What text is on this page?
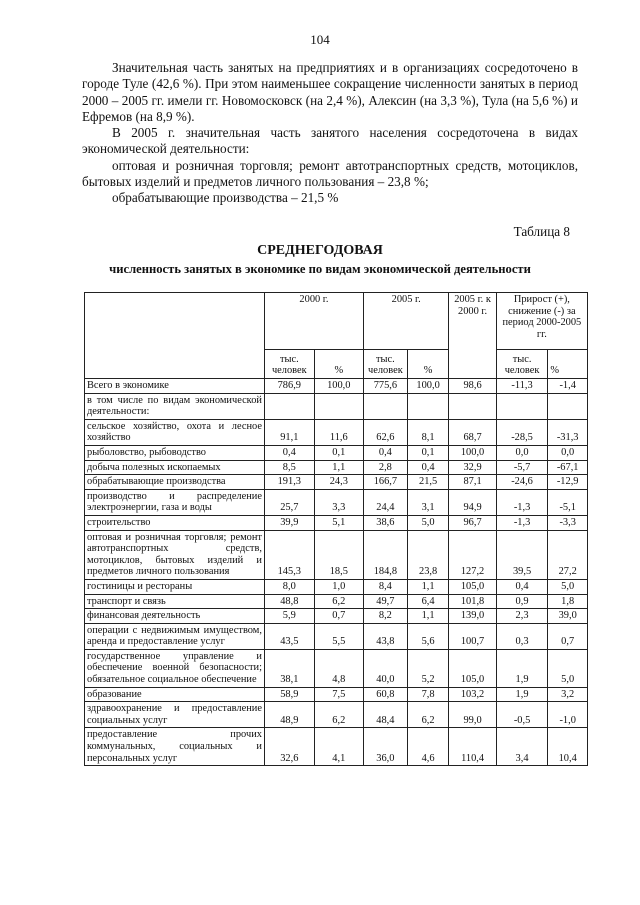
104

Значительная часть занятых на предприятиях и в организациях сосредоточено в городе Туле (42,6 %). При этом наименьшее сокращение численности занятых в период 2000 – 2005 гг. имели гг. Новомосковск (на 2,4 %), Алексин (на 3,3 %), Тула (на 5,6 %) и Ефремов (на 8,9 %).

В 2005 г. значительная часть занятого населения сосредоточена в видах экономической деятельности:

оптовая и розничная торговля; ремонт автотранспортных средств, мотоциклов, бытовых изделий и предметов личного пользования – 23,8 %;

обрабатывающие производства – 21,5 %

Таблица 8
СРЕДНЕГОДОВАЯ
численность занятых в экономике по видам экономической деятельности
	2000 г.		2005 г.		2005 г. к 2000 г.	Прирост (+), снижение (-) за период 2000-2005 гг.	
	тыс. человек	%	тыс. человек	%		тыс. человек	%
Всего в экономике	786,9	100,0	775,6	100,0	98,6	-11,3	-1,4
в том числе по видам экономической деятельности:							
сельское хозяйство, охота и лесное хозяйство	91,1	11,6	62,6	8,1	68,7	-28,5	-31,3
рыболовство, рыбоводство	0,4	0,1	0,4	0,1	100,0	0,0	0,0
добыча полезных ископаемых	8,5	1,1	2,8	0,4	32,9	-5,7	-67,1
обрабатывающие производства	191,3	24,3	166,7	21,5	87,1	-24,6	-12,9
производство и распределение электроэнергии, газа и воды	25,7	3,3	24,4	3,1	94,9	-1,3	-5,1
строительство	39,9	5,1	38,6	5,0	96,7	-1,3	-3,3
оптовая и розничная торговля; ремонт автотранспортных средств, мотоциклов, бытовых изделий и предметов личного пользования	145,3	18,5	184,8	23,8	127,2	39,5	27,2
гостиницы и рестораны	8,0	1,0	8,4	1,1	105,0	0,4	5,0
транспорт и связь	48,8	6,2	49,7	6,4	101,8	0,9	1,8
финансовая деятельность	5,9	0,7	8,2	1,1	139,0	2,3	39,0
операции с недвижимым имуществом, аренда и предоставление услуг	43,5	5,5	43,8	5,6	100,7	0,3	0,7
государственное управление и обеспечение военной безопасности; обязательное социальное обеспечение	38,1	4,8	40,0	5,2	105,0	1,9	5,0
образование	58,9	7,5	60,8	7,8	103,2	1,9	3,2
здравоохранение и предоставление социальных услуг	48,9	6,2	48,4	6,2	99,0	-0,5	-1,0
предоставление прочих коммунальных, социальных и персональных услуг	32,6	4,1	36,0	4,6	110,4	3,4	10,4
